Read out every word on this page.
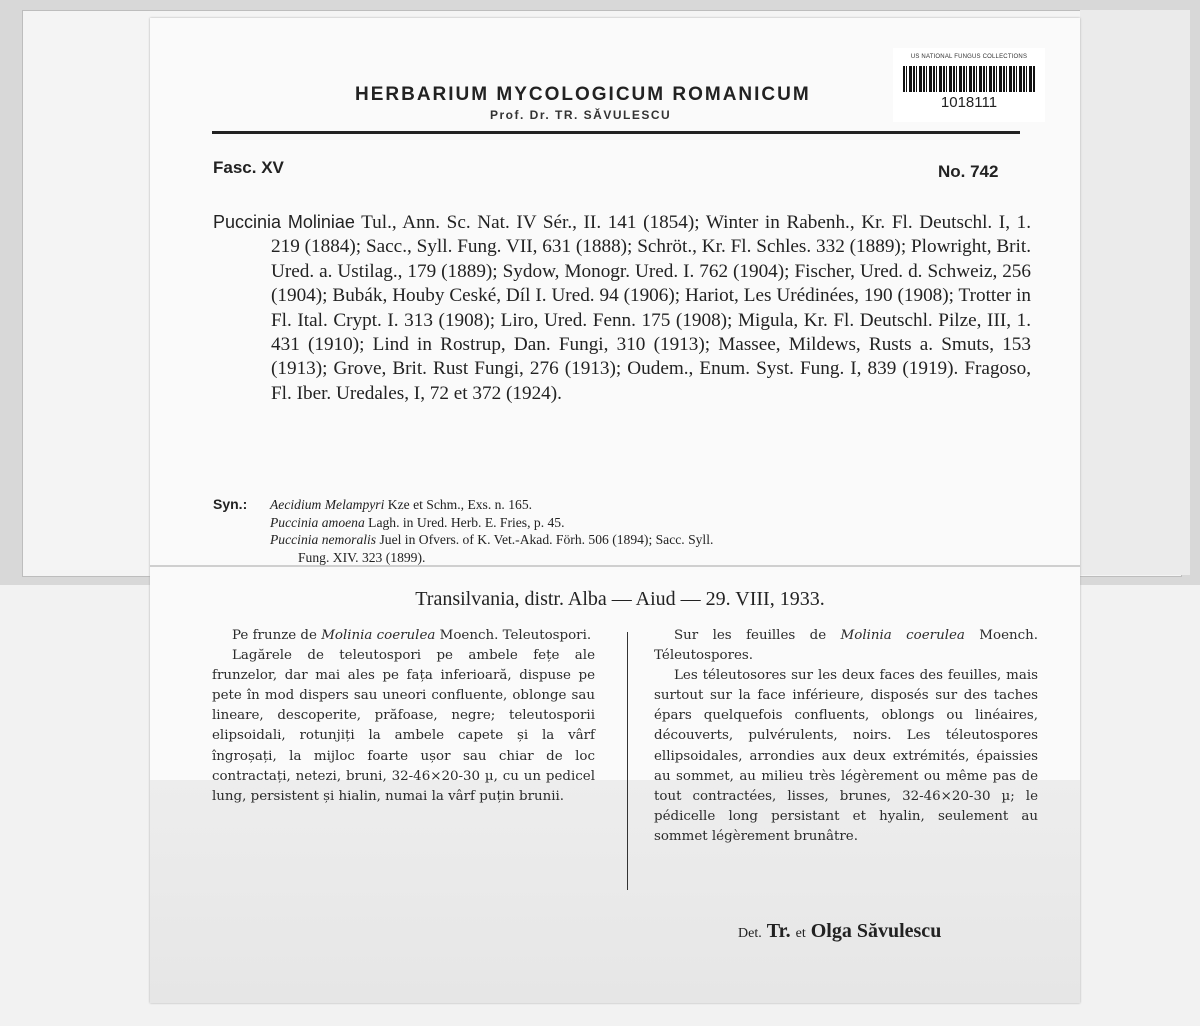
HERBARIUM MYCOLOGICUM ROMANICUM
Prof. Dr. TR. SĂVULESCU
US NATIONAL FUNGUS COLLECTIONS
1018111
Fasc. XV	No. 742

Puccinia Moliniae Tul., Ann. Sc. Nat. IV Sér., II. 141 (1854); Winter in Rabenh., Kr. Fl. Deutschl. I, 1. 219 (1884); Sacc., Syll. Fung. VII, 631 (1888); Schröt., Kr. Fl. Schles. 332 (1889); Plowright, Brit. Ured. a. Ustilag., 179 (1889); Sydow, Monogr. Ured. I. 762 (1904); Fischer, Ured. d. Schweiz, 256 (1904); Bubák, Houby Ceské, Díl I. Ured. 94 (1906); Hariot, Les Urédinées, 190 (1908); Trotter in Fl. Ital. Crypt. I. 313 (1908); Liro, Ured. Fenn. 175 (1908); Migula, Kr. Fl. Deutschl. Pilze, III, 1. 431 (1910); Lind in Rostrup, Dan. Fungi, 310 (1913); Massee, Mildews, Rusts a. Smuts, 153 (1913); Grove, Brit. Rust Fungi, 276 (1913); Oudem., Enum. Syst. Fung. I, 839 (1919). Fragoso, Fl. Iber. Uredales, I, 72 et 372 (1924).

Syn.: Aecidium Melampyri Kze et Schm., Exs. n. 165.
Puccinia amoena Lagh. in Ured. Herb. E. Fries, p. 45.
Puccinia nemoralis Juel in Ofvers. of K. Vet.-Akad. Förh. 506 (1894); Sacc. Syll.
Fung. XIV. 323 (1899).
Transilvania, distr. Alba — Aiud — 29. VIII, 1933.

Pe frunze de Molinia coerulea Moench. Teleutospori.

Lagărele de teleutospori pe ambele fețe ale frunzelor, dar mai ales pe fața inferioară, dispuse pe pete în mod dispers sau uneori confluente, oblonge sau lineare, descoperite, prăfoase, negre; teleutosporii elipsoidali, rotunjiți la ambele capete și la vârf îngroșați, la mijloc foarte ușor sau chiar de loc contractați, netezi, bruni, 32-46×20-30 µ, cu un pedicel lung, persistent și hialin, numai la vârf puțin brunii.

Sur les feuilles de Molinia coerulea Moench. Téleutospores.

Les téleutosores sur les deux faces des feuilles, mais surtout sur la face inférieure, disposés sur des taches épars quelquefois confluents, oblongs ou linéaires, découverts, pulvérulents, noirs. Les téleutospores ellipsoidales, arrondies aux deux extrémités, épaissies au sommet, au milieu très légèrement ou même pas de tout contractées, lisses, brunes, 32-46×20-30 µ; le pédicelle long persistant et hyalin, seulement au sommet légèrement brunâtre.

Det. Tr. et Olga Săvulescu
